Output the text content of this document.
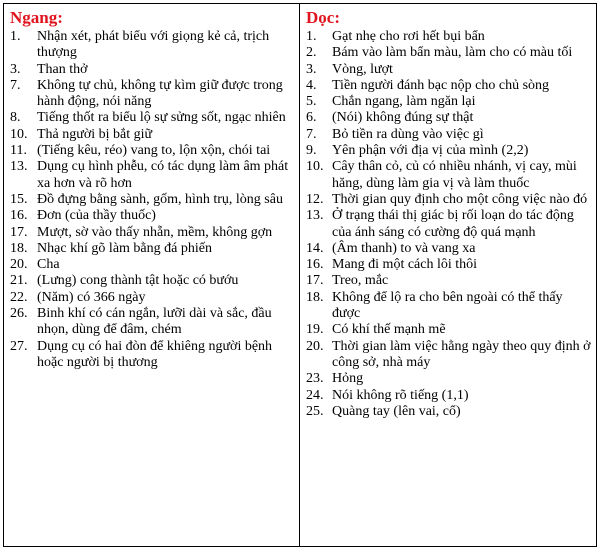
Ngang:
1.	Nhận xét, phát biểu với giọng kẻ cả, trịch thượng
3.	Than thở
7.	Không tự chủ, không tự kìm giữ được trong hành động, nói năng
8.	Tiếng thốt ra biểu lộ sự sửng sốt, ngạc nhiên
10. Thả người bị bắt giữ
11. (Tiếng kêu, réo) vang to, lộn xộn, chói tai
13. Dụng cụ hình phễu, có tác dụng làm âm phát xa hơn và rõ hơn
15. Đồ đựng bằng sành, gốm, hình trụ, lòng sâu
16. Đơn (của thầy thuốc)
17. Mượt, sờ vào thấy nhẵn, mềm, không gợn
18. Nhạc khí gõ làm bằng đá phiến
20. Cha
21. (Lưng) cong thành tật hoặc có bướu
22. (Năm) có 366 ngày
26. Binh khí có cán ngắn, lưỡi dài và sắc, đầu nhọn, dùng để đâm, chém
27. Dụng cụ có hai đòn để khiêng người bệnh hoặc người bị thương
Dọc:
1.	Gạt nhẹ cho rơi hết bụi bẩn
2.	Bám vào làm bẩn màu, làm cho có màu tối
3.	Vòng, lượt
4.	Tiền người đánh bạc nộp cho chủ sòng
5.	Chắn ngang, làm ngăn lại
6.	(Nói) không đúng sự thật
7.	Bỏ tiền ra dùng vào việc gì
9.	Yên phận với địa vị của mình (2,2)
10. Cây thân cỏ, củ có nhiều nhánh, vị cay, mùi hăng, dùng làm gia vị và làm thuốc
12. Thời gian quy định cho một công việc nào đó
13. Ở trạng thái thị giác bị rối loạn do tác động
của ánh sáng có cường độ quá mạnh
14. (Âm thanh) to và vang xa
16. Mang đi một cách lôi thôi
17. Treo, mắc
18. Không để lộ ra cho bên ngoài có thể thấy được
19. Có khí thế mạnh mẽ
20. Thời gian làm việc hằng ngày theo quy định ở công sở, nhà máy
23. Hỏng
24. Nói không rõ tiếng (1,1)
25. Quàng tay (lên vai, cổ)
